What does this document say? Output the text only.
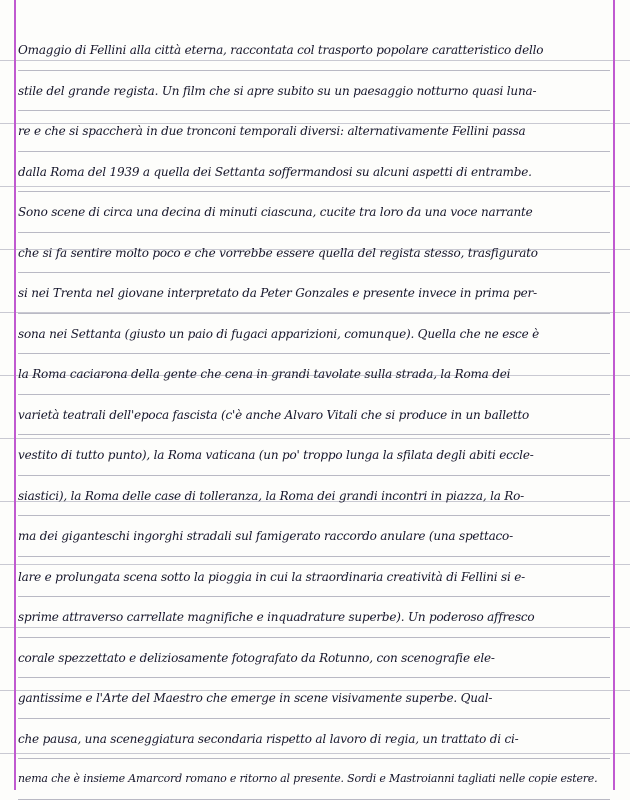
Omaggio di Fellini alla città eterna, raccontata col trasporto popolare caratteristico dello
stile del grande regista. Un film che si apre subito su un paesaggio notturno quasi luna-
re e che si spaccherà in due tronconi temporali diversi: alternativamente Fellini passa
dalla Roma del 1939 a quella dei Settanta soffermandosi su alcuni aspetti di entrambe.
Sono scene di circa una decina di minuti ciascuna, cucite tra loro da una voce narrante
che si fa sentire molto poco e che vorrebbe essere quella del regista stesso, trasfigurato
si nei Trenta nel giovane interpretato da Peter Gonzales e presente invece in prima per-
sona nei Settanta (giusto un paio di fugaci apparizioni, comunque). Quella che ne esce è
la Roma caciarona della gente che cena in grandi tavolate sulla strada, la Roma dei
varietà teatrali dell'epoca fascista (c'è anche Alvaro Vitali che si produce in un balletto
vestito di tutto punto), la Roma vaticana (un po' troppo lunga la sfilata degli abiti eccle-
siastici), la Roma delle case di tolleranza, la Roma dei grandi incontri in piazza, la Ro-
ma dei giganteschi ingorghi stradali sul famigerato raccordo anulare (una spettaco-
lare e prolungata scena sotto la pioggia in cui la straordinaria creatività di Fellini si e-
sprime attraverso carrellate magnifiche e inquadrature superbe). Un poderoso affresco
corale spezzettato e deliziosamente fotografato da Rotunno, con scenografie ele-
gantissime e l'Arte del Maestro che emerge in scene visivamente superbe. Qual-
che pausa, una sceneggiatura secondaria rispetto al lavoro di regia, un trattato di ci-
nema che è insieme Amarcord romano e ritorno al presente. Sordi e Mastroianni tagliati nelle copie estere.
